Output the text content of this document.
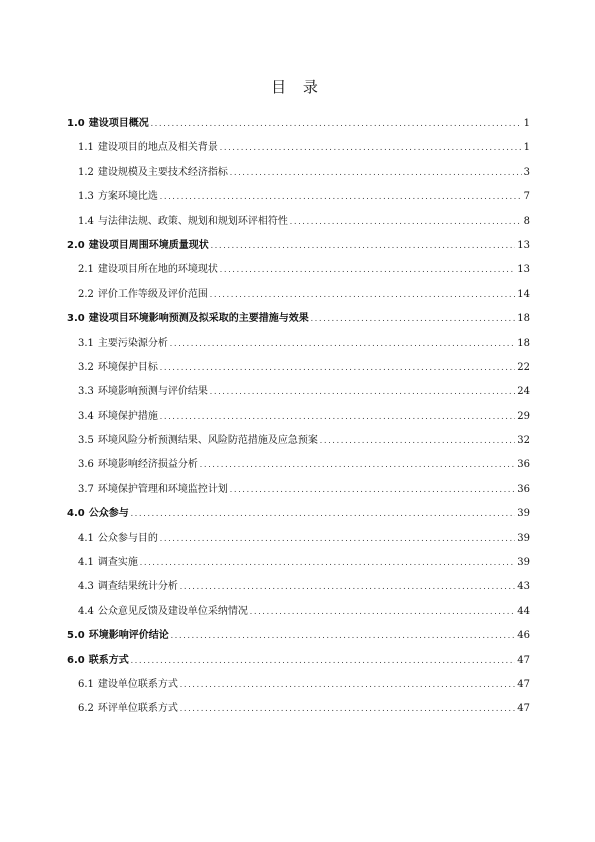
目 录
1.0 建设项目概况 .....	1
1.1 建设项目的地点及相关背景 .....	1
1.2 建设规模及主要技术经济指标 .....	3
1.3 方案环境比选 .....	7
1.4 与法律法规、政策、规划和规划环评相符性 .....	8
2.0 建设项目周围环境质量现状 .....	13
2.1 建设项目所在地的环境现状 .....	13
2.2 评价工作等级及评价范围 .....	14
3.0 建设项目环境影响预测及拟采取的主要措施与效果 .....	18
3.1 主要污染源分析 .....	18
3.2 环境保护目标 .....	22
3.3 环境影响预测与评价结果 .....	24
3.4 环境保护措施 .....	29
3.5 环境风险分析预测结果、风险防范措施及应急预案 .....	32
3.6 环境影响经济损益分析 .....	36
3.7 环境保护管理和环境监控计划 .....	36
4.0 公众参与 .....	39
4.1 公众参与目的 .....	39
4.1 调查实施 .....	39
4.3 调查结果统计分析 .....	43
4.4 公众意见反馈及建设单位采纳情况 .....	44
5.0 环境影响评价结论 .....	46
6.0 联系方式 .....	47
6.1 建设单位联系方式 .....	47
6.2 环评单位联系方式 .....	47
